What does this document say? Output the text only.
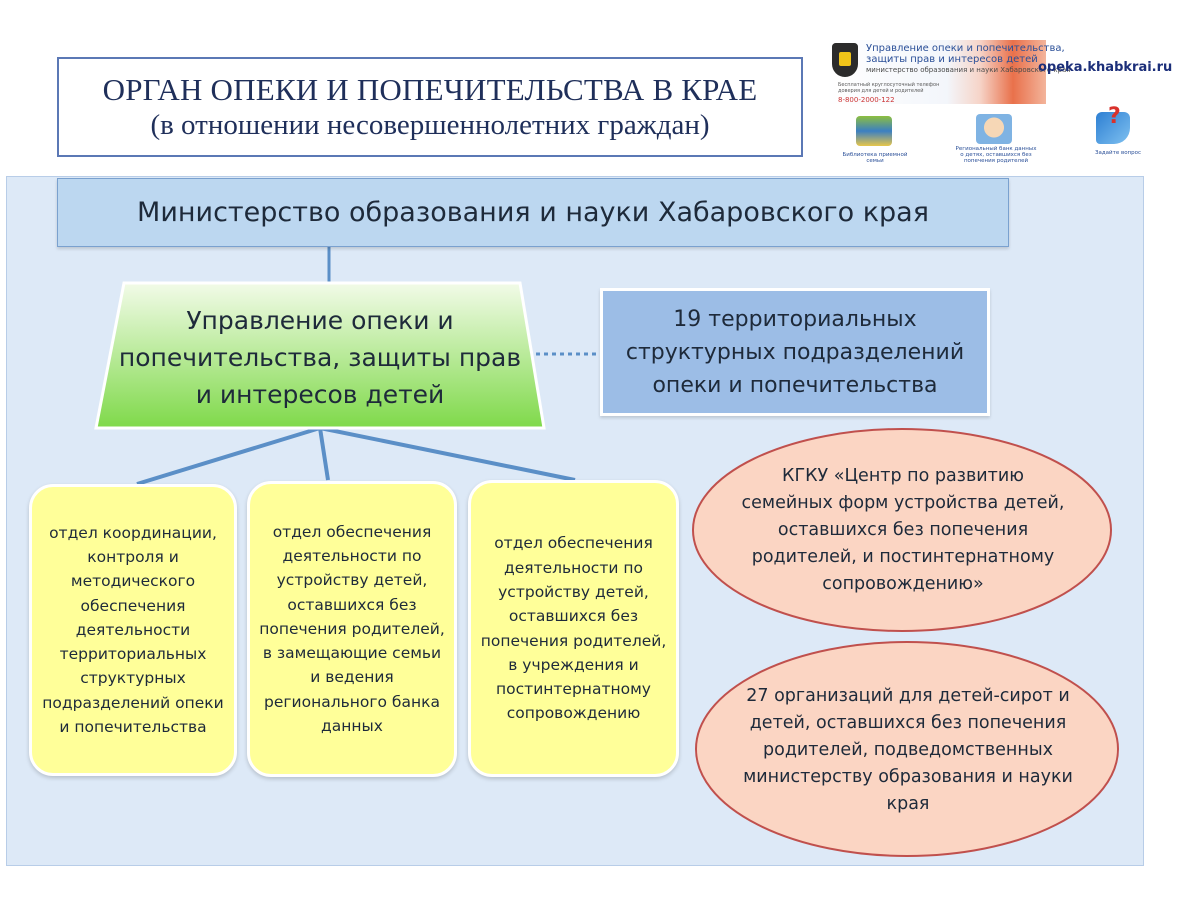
ОРГАН ОПЕКИ И ПОПЕЧИТЕЛЬСТВА В КРАЕ
(в отношении несовершеннолетних граждан)
Управление опеки и попечительства,
защиты прав и интересов детей
министерство образования и науки Хабаровского края
Бесплатный круглосуточный телефон доверия для детей и родителей
8-800-2000-122
opeka.khabkrai.ru
Библиотека приемной семьи
Региональный банк данных о детях, оставшихся без попечения родителей
?
Задайте вопрос
Министерство образования и науки Хабаровского края
Управление опеки и попечительства, защиты прав и интересов детей
19 территориальных структурных подразделений опеки и попечительства
отдел координации, контроля и методического обеспечения деятельности территориальных структурных подразделений опеки и попечительства
отдел обеспечения деятельности по устройству детей, оставшихся без попечения родителей, в замещающие семьи и ведения регионального банка данных
отдел обеспечения деятельности по устройству детей, оставшихся без попечения родителей, в учреждения и постинтернатному сопровождению
КГКУ «Центр по развитию семейных форм устройства детей, оставшихся без попечения родителей, и постинтернатному сопровождению»
27 организаций для детей-сирот и детей, оставшихся без попечения родителей, подведомственных министерству образования и науки края
